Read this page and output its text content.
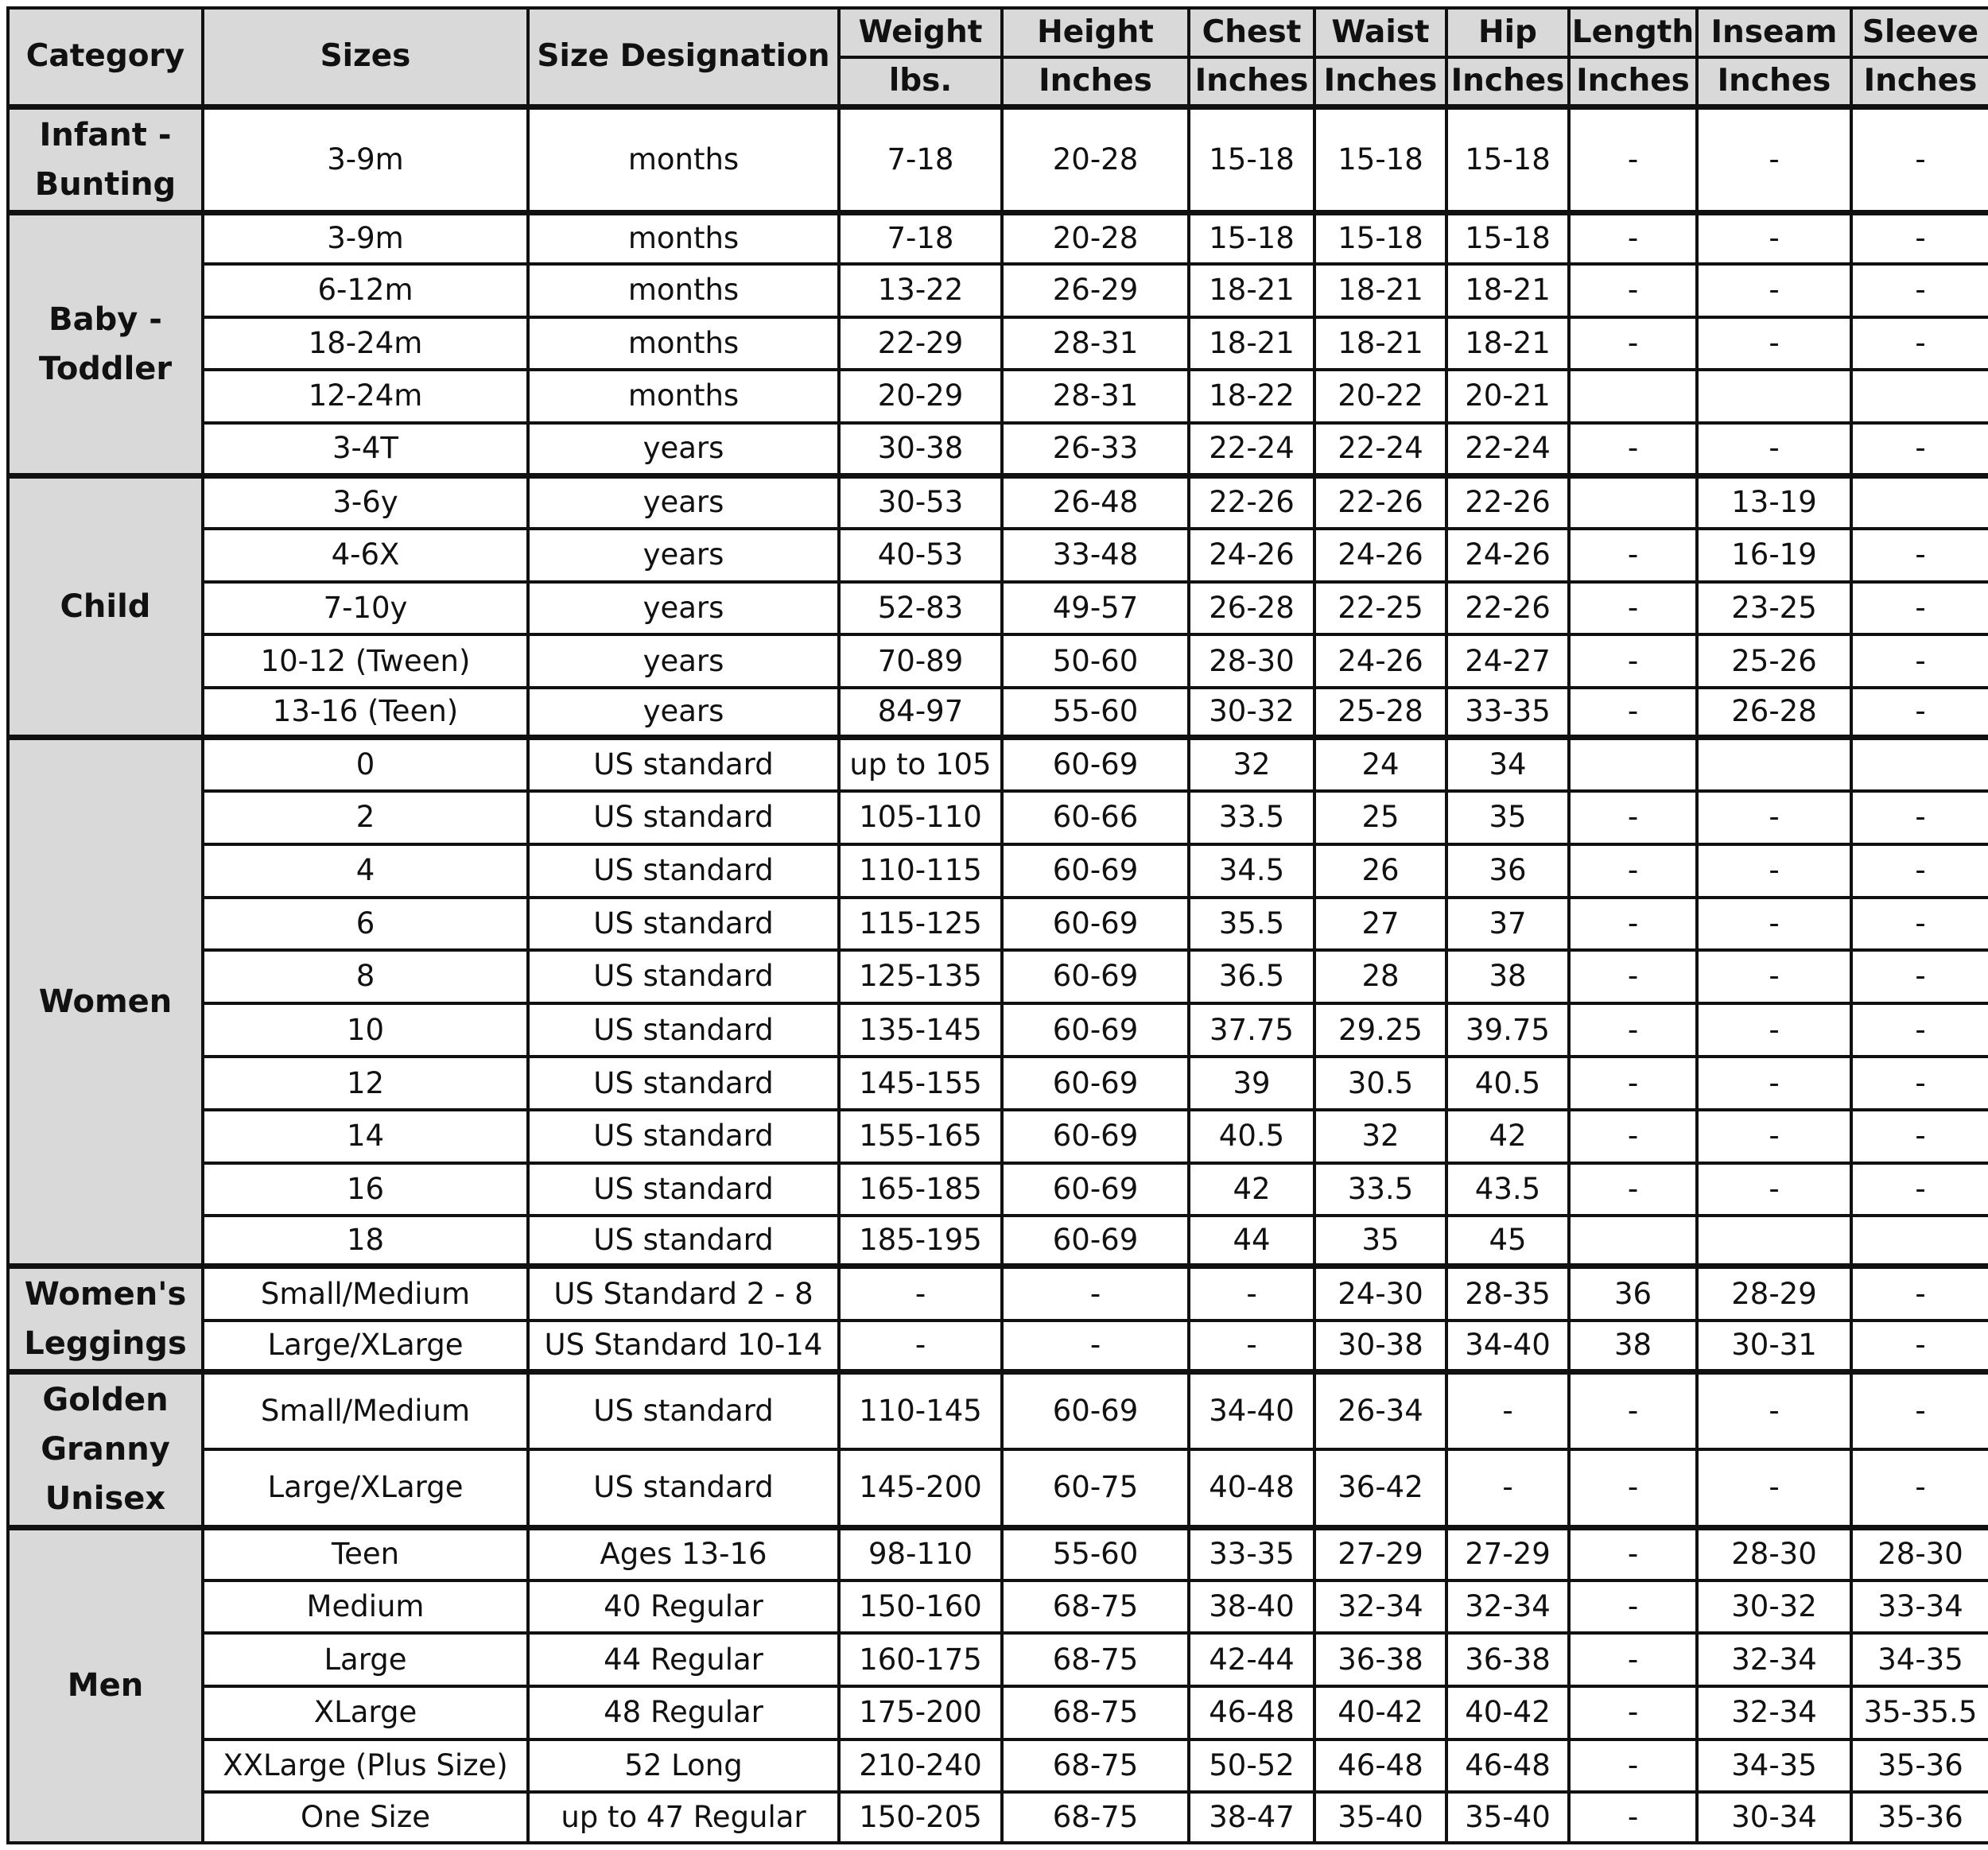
Category	Sizes	Size Designation	Weight	Height	Chest	Waist	Hip	Length	Inseam	Sleeve
			lbs.	Inches	Inches	Inches	Inches	Inches	Inches	Inches
Infant - Bunting	3-9m	months	7-18	20-28	15-18	15-18	15-18	-	-	-
Baby - Toddler	3-9m	months	7-18	20-28	15-18	15-18	15-18	-	-	-
	6-12m	months	13-22	26-29	18-21	18-21	18-21	-	-	-
	18-24m	months	22-29	28-31	18-21	18-21	18-21	-	-	-
	12-24m	months	20-29	28-31	18-22	20-22	20-21			
	3-4T	years	30-38	26-33	22-24	22-24	22-24	-	-	-
Child	3-6y	years	30-53	26-48	22-26	22-26	22-26		13-19	
	4-6X	years	40-53	33-48	24-26	24-26	24-26	-	16-19	-
	7-10y	years	52-83	49-57	26-28	22-25	22-26	-	23-25	-
	10-12 (Tween)	years	70-89	50-60	28-30	24-26	24-27	-	25-26	-
	13-16 (Teen)	years	84-97	55-60	30-32	25-28	33-35	-	26-28	-
Women	0	US standard	up to 105	60-69	32	24	34			
	2	US standard	105-110	60-66	33.5	25	35	-	-	-
	4	US standard	110-115	60-69	34.5	26	36	-	-	-
	6	US standard	115-125	60-69	35.5	27	37	-	-	-
	8	US standard	125-135	60-69	36.5	28	38	-	-	-
	10	US standard	135-145	60-69	37.75	29.25	39.75	-	-	-
	12	US standard	145-155	60-69	39	30.5	40.5	-	-	-
	14	US standard	155-165	60-69	40.5	32	42	-	-	-
	16	US standard	165-185	60-69	42	33.5	43.5	-	-	-
	18	US standard	185-195	60-69	44	35	45			
Women's Leggings	Small/Medium	US Standard 2 - 8	-	-	-	24-30	28-35	36	28-29	-
	Large/XLarge	US Standard 10-14	-	-	-	30-38	34-40	38	30-31	-
Golden Granny Unisex	Small/Medium	US standard	110-145	60-69	34-40	26-34	-	-	-	-
	Large/XLarge	US standard	145-200	60-75	40-48	36-42	-	-	-	-
Men	Teen	Ages 13-16	98-110	55-60	33-35	27-29	27-29	-	28-30	28-30
	Medium	40 Regular	150-160	68-75	38-40	32-34	32-34	-	30-32	33-34
	Large	44 Regular	160-175	68-75	42-44	36-38	36-38	-	32-34	34-35
	XLarge	48 Regular	175-200	68-75	46-48	40-42	40-42	-	32-34	35-35.5
	XXLarge (Plus Size)	52 Long	210-240	68-75	50-52	46-48	46-48	-	34-35	35-36
	One Size	up to 47 Regular	150-205	68-75	38-47	35-40	35-40	-	30-34	35-36
